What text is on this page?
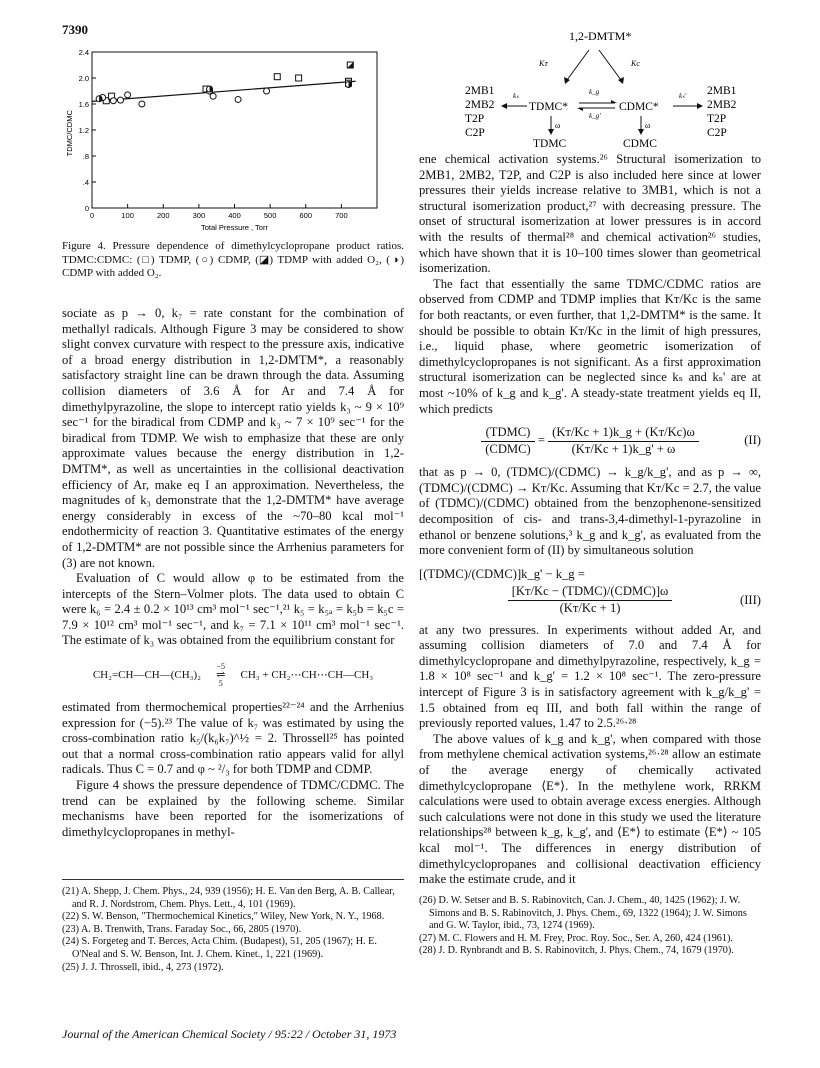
7390
0	100	200	300	400	500	600	700
0
.4
.8
1.2
1.6
2.0
2.4
Total Pressure , Torr
TDMC/CDMC
Figure 4. Pressure dependence of dimethylcyclopropane product ratios. TDMC:CDMC: (□) TDMP, (○) CDMP, (◪) TDMP with added O₂, (◑) CDMP with added O₂.
1,2-DMTM*
Kᴛ	Kc
2MB1
2MB2
T2P
C2P
2MB1
2MB2
T2P
C2P
kₛ
TDMC*
k_g
k_g'
CDMC*
kₛ'
ω	ω
TDMC	CDMC

sociate as p → 0, k₇ = rate constant for the combination of methallyl radicals. Although Figure 3 may be considered to show slight convex curvature with respect to the pressure axis, indicative of a broad energy distribution in 1,2-DMTM*, a reasonably satisfactory straight line can be drawn through the data. Assuming collision diameters of 3.6 Å for Ar and 7.4 Å for dimethylpyrazoline, the slope to intercept ratio yields k₃ ~ 9 × 10⁹ sec⁻¹ for the biradical from CDMP and k₃ ~ 7 × 10⁹ sec⁻¹ for the biradical from TDMP. We wish to emphasize that these are only approximate values because the energy distribution in 1,2-DMTM*, as well as uncertainties in the collisional deactivation efficiency of Ar, make eq I an approximation. Nevertheless, the magnitudes of k₃ demonstrate that the 1,2-DMTM* have average energy considerably in excess of the ~70–80 kcal mol⁻¹ endothermicity of reaction 3. Quantitative estimates of the energy of 1,2-DMTM* are not possible since the Arrhenius parameters for (3) are not known.

Evaluation of C would allow φ to be estimated from the intercepts of the Stern–Volmer plots. The data used to obtain C were k₆ = 2.4 ± 0.2 × 10¹³ cm³ mol⁻¹ sec⁻¹,²¹ k₅ = k₅ₐ = k₅b = k₅c = 7.9 × 10¹² cm³ mol⁻¹ sec⁻¹, and k₇ = 7.1 × 10¹¹ cm³ mol⁻¹ sec⁻¹. The estimate of k₃ was obtained from the equilibrium constant for

CH₂=CH—CH—(CH₃)₂ −5
⇌
5 CH₃ + CH₂⋯CH⋯CH—CH₃

estimated from thermochemical properties²²⁻²⁴ and the Arrhenius expression for (−5).²³ The value of k₇ was estimated by using the cross-combination ratio k₅/(k₆k₇)^½ = 2. Throssell²⁵ has pointed out that a normal cross-combination ratio appears valid for allyl radicals. Thus C = 0.7 and φ ~ ²/₃ for both TDMP and CDMP.

Figure 4 shows the pressure dependence of TDMC/CDMC. The trend can be explained by the following scheme. Similar mechanisms have been reported for the isomerizations of dimethylcyclopropanes in methyl-

ene chemical activation systems.²⁶ Structural isomerization to 2MB1, 2MB2, T2P, and C2P is also included here since at lower pressures their yields increase relative to 3MB1, which is not a structural isomerization product,²⁷ with decreasing pressure. The onset of structural isomerization at lower pressures is in accord with the results of thermal²⁸ and chemical activation²⁶ studies, which have shown that it is 10–100 times slower than geometrical isomerization.

The fact that essentially the same TDMC/CDMC ratios are observed from CDMP and TDMP implies that Kᴛ/Kc is the same for both reactants, or even further, that 1,2-DMTM* is the same. It should be possible to obtain Kᴛ/Kc in the limit of high pressures, i.e., liquid phase, where geometric isomerization of dimethylcyclopropanes is not significant. As a first approximation structural isomerization can be neglected since kₛ and kₛ' are at most ~10% of k_g and k_g'. A steady-state treatment yields eq II, which predicts

$\frac{\text{(TDMC)}}{\text{(CDMC)}} = \frac{\text{(Kᴛ/Kc + 1)k\_g + (Kᴛ/Kc)ω}}{\text{(Kᴛ/Kc + 1)k\_g' + ω}}$	(II)

that as p → 0, (TDMC)/(CDMC) → k_g/k_g', and as p → ∞, (TDMC)/(CDMC) → Kᴛ/Kc. Assuming that Kᴛ/Kc = 2.7, the value of (TDMC)/(CDMC) obtained from the benzophenone-sensitized decomposition of cis- and trans-3,4-dimethyl-1-pyrazoline in ethanol or benzene solutions,³ k_g and k_g', as evaluated from the more convenient form of (II) by simultaneous solution

[(TDMC)/(CDMC)]k_g' − k_g =
$\frac{\text{[Kᴛ/Kc − (TDMC)/(CDMC)]ω}}{\text{(Kᴛ/Kc + 1)}}$	(III)

at any two pressures. In experiments without added Ar, and assuming collision diameters of 7.0 and 7.4 Å for dimethylcyclopropane and dimethylpyrazoline, respectively, k_g = 1.8 × 10⁸ sec⁻¹ and k_g' = 1.2 × 10⁸ sec⁻¹. The zero-pressure intercept of Figure 3 is in satisfactory agreement with k_g/k_g' = 1.5 obtained from eq III, and both fall within the range of previously reported values, 1.47 to 2.5.²⁶·²⁸

The above values of k_g and k_g', when compared with those from methylene chemical activation systems,²⁶·²⁸ allow an estimate of the average energy of chemically activated dimethylcyclopropane ⟨E*⟩. In the methylene work, RRKM calculations were used to obtain average excess energies. Although such calculations were not done in this study we used the literature relationships²⁸ between k_g, k_g', and ⟨E*⟩ to estimate ⟨E*⟩ ~ 105 kcal mol⁻¹. The differences in energy distribution of dimethylcyclopropanes and collisional deactivation efficiency make the estimate crude, and it

(21) A. Shepp, J. Chem. Phys., 24, 939 (1956); H. E. Van den Berg, A. B. Callear, and R. J. Nordstrom, Chem. Phys. Lett., 4, 101 (1969).
(22) S. W. Benson, "Thermochemical Kinetics," Wiley, New York, N. Y., 1968.
(23) A. B. Trenwith, Trans. Faraday Soc., 66, 2805 (1970).
(24) S. Forgeteg and T. Berces, Acta Chim. (Budapest), 51, 205 (1967); H. E. O'Neal and S. W. Benson, Int. J. Chem. Kinet., 1, 221 (1969).
(25) J. J. Throssell, ibid., 4, 273 (1972).
(26) D. W. Setser and B. S. Rabinovitch, Can. J. Chem., 40, 1425 (1962); J. W. Simons and B. S. Rabinovitch, J. Phys. Chem., 69, 1322 (1964); J. W. Simons and G. W. Taylor, ibid., 73, 1274 (1969).
(27) M. C. Flowers and H. M. Frey, Proc. Roy. Soc., Ser. A, 260, 424 (1961).
(28) J. D. Rynbrandt and B. S. Rabinovitch, J. Phys. Chem., 74, 1679 (1970).
Journal of the American Chemical Society / 95:22 / October 31, 1973
